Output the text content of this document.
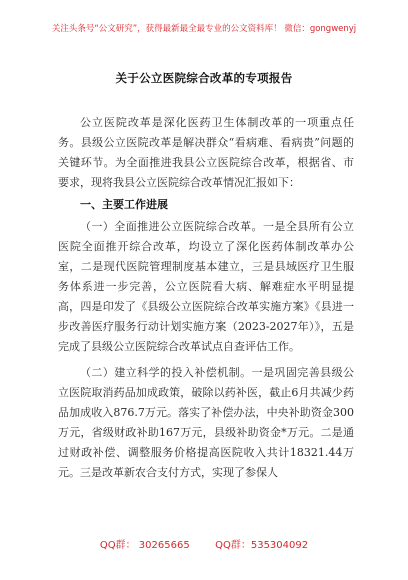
关注头条号“公文研究”，获得最新最全最专业的公文资料库！ 微信：gongwenyj
关于公立医院综合改革的专项报告

公立医院改革是深化医药卫生体制改革的一项重点任务。县级公立医院改革是解决群众“看病难、看病贵”问题的关键环节。为全面推进我县公立医院综合改革，根据省、市要求，现将我县公立医院综合改革情况汇报如下：

一、主要工作进展

（一）全面推进公立医院综合改革。一是全县所有公立医院全面推开综合改革，均设立了深化医药体制改革办公室，二是现代医院管理制度基本建立，三是县域医疗卫生服务体系进一步完善，公立医院看大病、解难症水平明显提高，四是印发了《县级公立医院综合改革实施方案》《县进一步改善医疗服务行动计划实施方案（2023-2027年）》，五是完成了县级公立医院综合改革试点自查评估工作。

（二）建立科学的投入补偿机制。一是巩固完善县级公立医院取消药品加成政策，破除以药补医，截止6月共减少药品加成收入876.7万元。落实了补偿办法，中央补助资金300万元，省级财政补助167万元，县级补助资金*万元。二是通过财政补偿、调整服务价格提高医院收入共计18321.44万元。三是改革新农合支付方式，实现了参保人

QQ群： 30265665        QQ群：535304092
